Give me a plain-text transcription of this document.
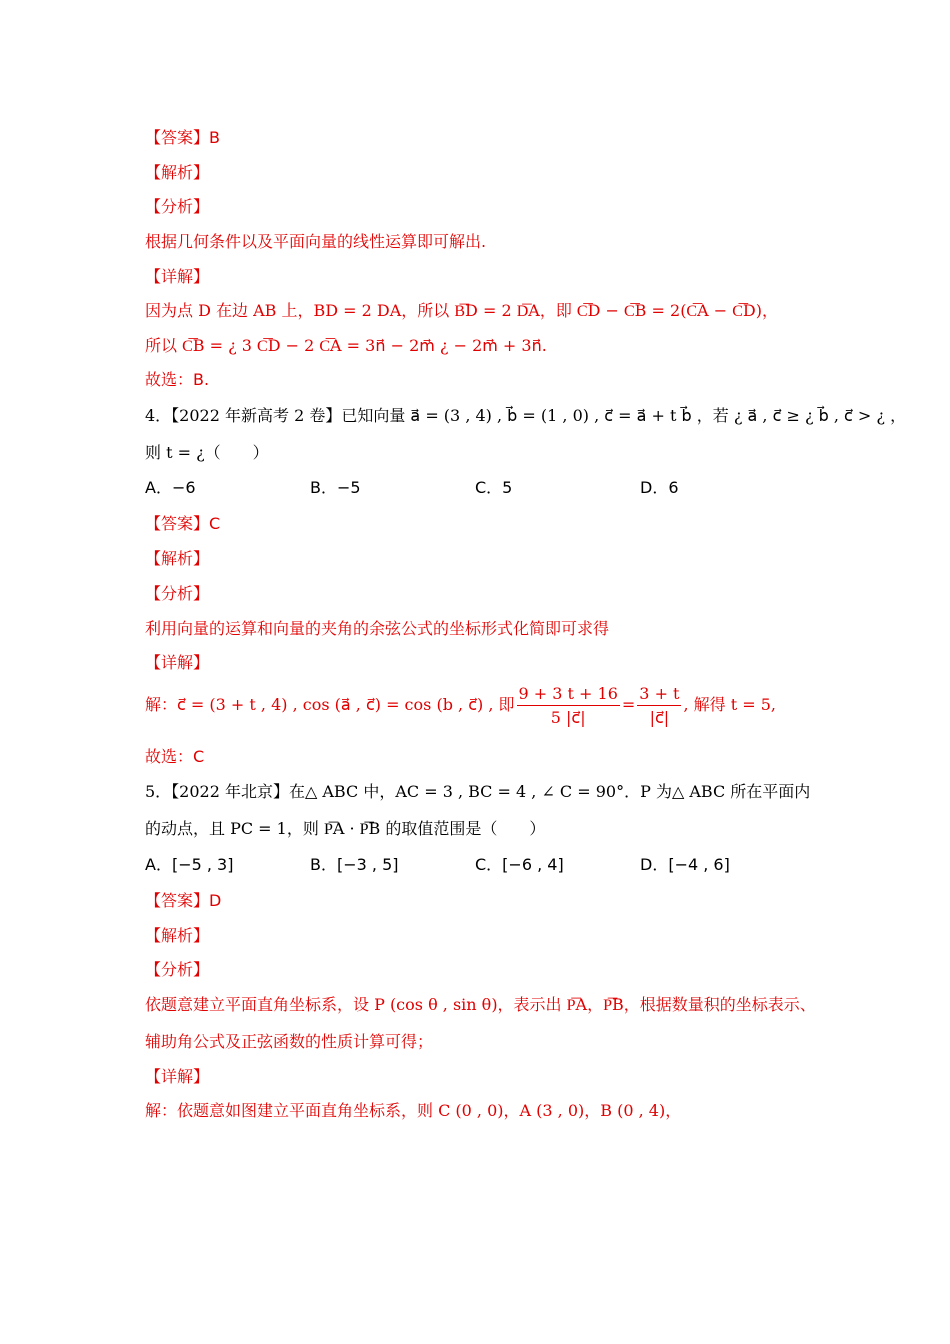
【答案】B
【解析】
【分析】
根据几何条件以及平面向量的线性运算即可解出.
【详解】
因为点 D 在边 AB 上，BD = 2 DA，所以 B͞D = 2 D͞A，即 C͞D − C͞B = 2(C͞A − C͞D)，
所以 C͞B = ¿ 3 C͞D − 2 C͞A = 3n⃗ − 2m⃗ ¿ − 2m⃗ + 3n⃗.
故选：B.
4．【2022 年新高考 2 卷】已知向量 a⃗ = (3 , 4) , b⃗ = (1 , 0) , c⃗ = a⃗ + t b⃗ ，若 ¿ a⃗ , c⃗ ≥ ¿ b⃗ , c⃗ > ¿ ，
则 t = ¿（　　）
A．−6	B．−5	C．5	D．6
【答案】C
【解析】
【分析】
利用向量的运算和向量的夹角的余弦公式的坐标形式化简即可求得
【详解】
解：c⃗ = (3 + t , 4) , cos (a⃗ , c⃗) = cos (b , c⃗) , 即 $\frac{9 + 3 t + 16}{5 |c⃗|} = \frac{3 + t}{|c⃗|}$ , 解得 t = 5,
故选：C
5．【2022 年北京】在△ ABC 中，AC = 3 , BC = 4 , ∠ C = 90°．P 为△ ABC 所在平面内
的动点，且 PC = 1，则 P͞A · P͞B 的取值范围是（　　）
A．[−5 , 3]	B．[−3 , 5]	C．[−6 , 4]	D．[−4 , 6]
【答案】D
【解析】
【分析】
依题意建立平面直角坐标系，设 P (cos θ , sin θ)，表示出 P͞A，P͞B，根据数量积的坐标表示、
辅助角公式及正弦函数的性质计算可得；
【详解】
解：依题意如图建立平面直角坐标系，则 C (0 , 0)，A (3 , 0)，B (0 , 4)，
